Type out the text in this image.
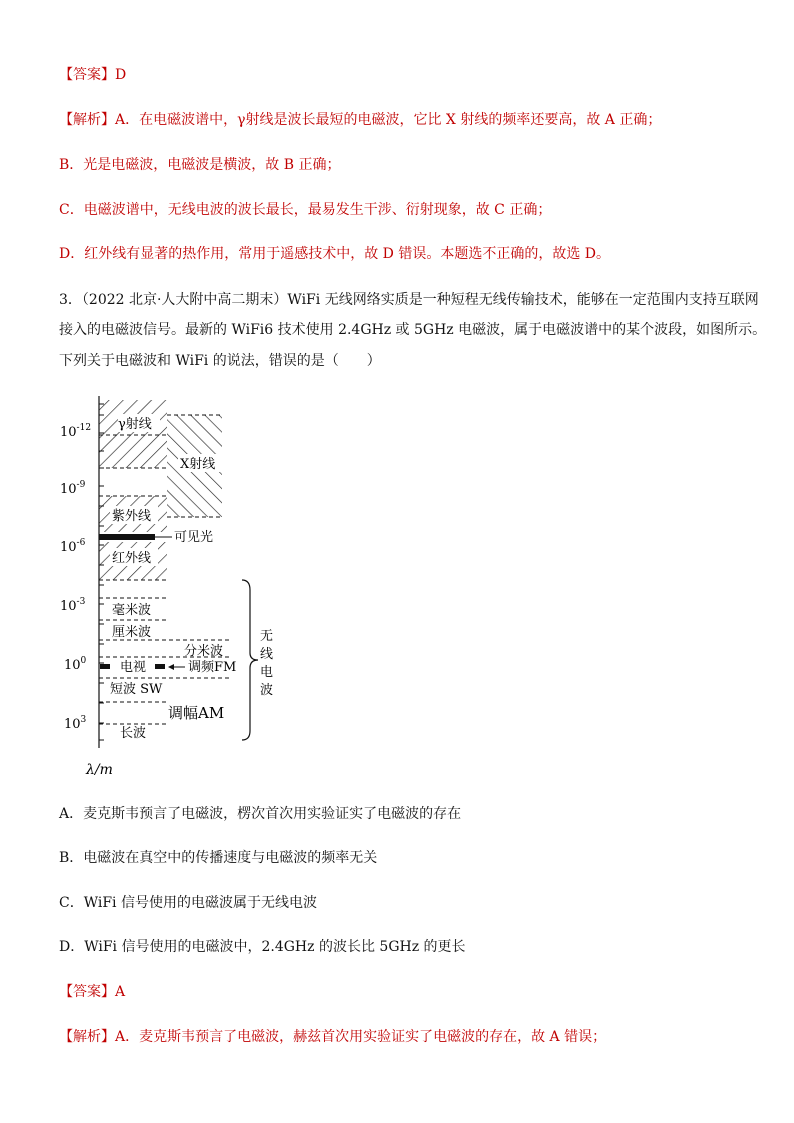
【答案】D
【解析】A．在电磁波谱中，γ射线是波长最短的电磁波，它比 X 射线的频率还要高，故 A 正确；
B．光是电磁波，电磁波是横波，故 B 正确；
C．电磁波谱中，无线电波的波长最长，最易发生干涉、衍射现象，故 C 正确；
D．红外线有显著的热作用，常用于遥感技术中，故 D 错误。本题选不正确的，故选 D。
3．（2022 北京·人大附中高二期末）WiFi 无线网络实质是一种短程无线传输技术，能够在一定范围内支持互联网
接入的电磁波信号。最新的 WiFi6 技术使用 2.4GHz 或 5GHz 电磁波，属于电磁波谱中的某个波段，如图所示。
下列关于电磁波和 WiFi 的说法，错误的是（　　）
$10^{-12}$
$10^{-9}$
$10^{-6}$
$10^{-3}$
$10^0$
$10^3$
γ射线
X射线
紫外线
可见光
红外线
毫米波
厘米波
分米波
电视	调频FM
短波 SW
调幅AM
长波
无
线
电
波
λ/m
A．麦克斯韦预言了电磁波，楞次首次用实验证实了电磁波的存在
B．电磁波在真空中的传播速度与电磁波的频率无关
C．WiFi 信号使用的电磁波属于无线电波
D．WiFi 信号使用的电磁波中，2.4GHz 的波长比 5GHz 的更长
【答案】A
【解析】A．麦克斯韦预言了电磁波，赫兹首次用实验证实了电磁波的存在，故 A 错误；
